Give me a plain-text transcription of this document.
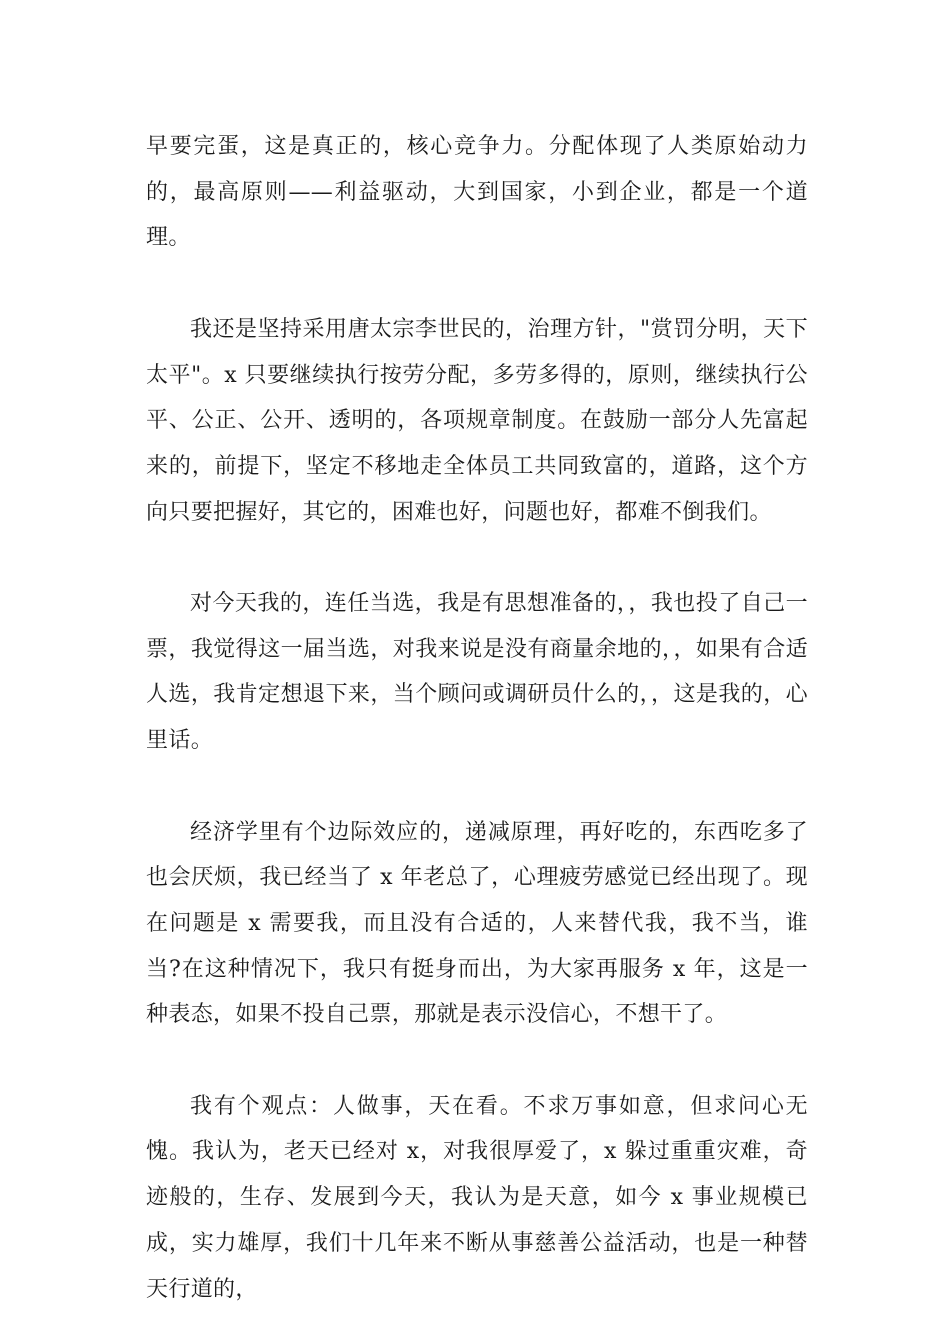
早要完蛋，这是真正的，核心竞争力。分配体现了人类原始动力的，最高原则——利益驱动，大到国家，小到企业，都是一个道理。

我还是坚持采用唐太宗李世民的，治理方针，"赏罚分明，天下太平"。x 只要继续执行按劳分配，多劳多得的，原则，继续执行公平、公正、公开、透明的，各项规章制度。在鼓励一部分人先富起来的，前提下，坚定不移地走全体员工共同致富的，道路，这个方向只要把握好，其它的，困难也好，问题也好，都难不倒我们。

对今天我的，连任当选，我是有思想准备的，，我也投了自己一票，我觉得这一届当选，对我来说是没有商量余地的，，如果有合适人选，我肯定想退下来，当个顾问或调研员什么的，，这是我的，心里话。

经济学里有个边际效应的，递减原理，再好吃的，东西吃多了也会厌烦，我已经当了 x 年老总了，心理疲劳感觉已经出现了。现在问题是 x 需要我，而且没有合适的，人来替代我，我不当，谁当?在这种情况下，我只有挺身而出，为大家再服务 x 年，这是一种表态，如果不投自己票，那就是表示没信心，不想干了。

我有个观点：人做事，天在看。不求万事如意，但求问心无愧。我认为，老天已经对 x，对我很厚爱了，x 躲过重重灾难，奇迹般的，生存、发展到今天，我认为是天意，如今 x 事业规模已成，实力雄厚，我们十几年来不断从事慈善公益活动，也是一种替天行道的，
